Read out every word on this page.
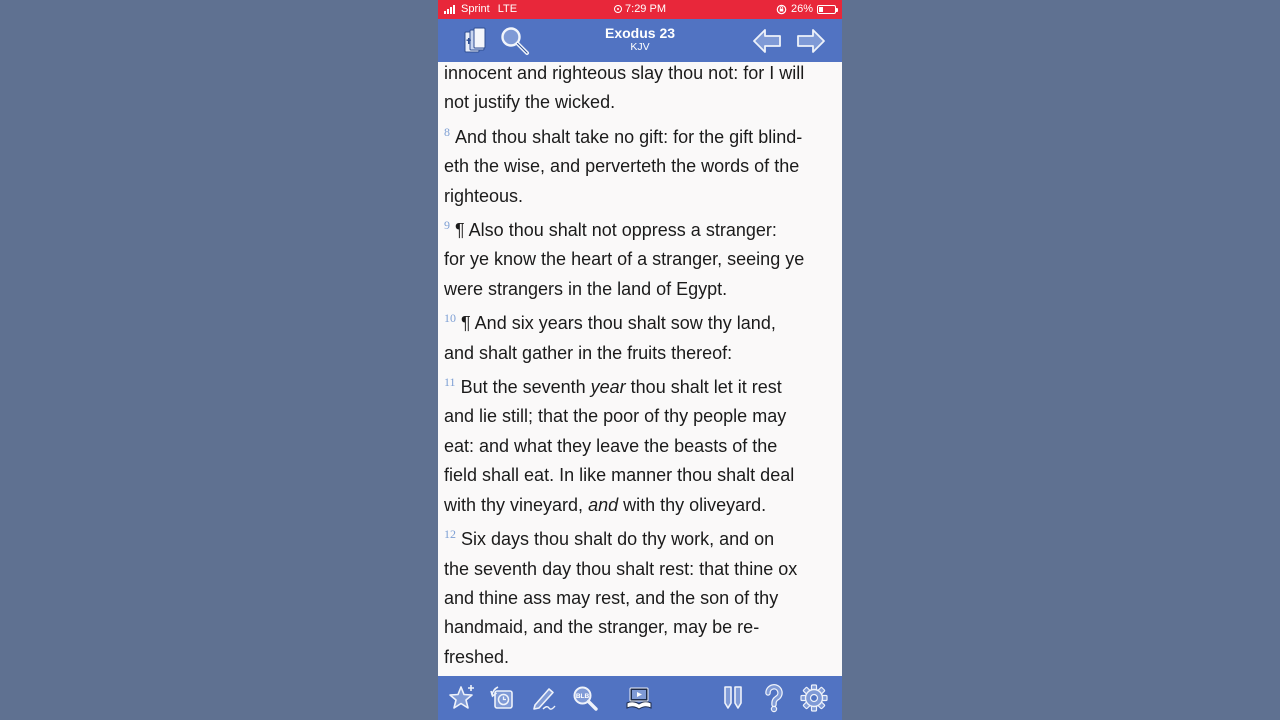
Sprint LTE	7:29 PM	26%
Exodus 23
KJV
innocent and righteous slay thou not: for I will
not justify the wicked.
$^8$ And thou shalt take no gift: for the gift blind-
eth the wise, and perverteth the words of the
righteous.
$^9$ ¶ Also thou shalt not oppress a stranger:
for ye know the heart of a stranger, seeing ye
were strangers in the land of Egypt.
$^{10}$ ¶ And six years thou shalt sow thy land,
and shalt gather in the fruits thereof:
$^{11}$ But the seventh year thou shalt let it rest
and lie still; that the poor of thy people may
eat: and what they leave the beasts of the
field shall eat. In like manner thou shalt deal
with thy vineyard, and with thy oliveyard.
$^{12}$ Six days thou shalt do thy work, and on
the seventh day thou shalt rest: that thine ox
and thine ass may rest, and the son of thy
handmaid, and the stranger, may be re-
freshed.
BLB
